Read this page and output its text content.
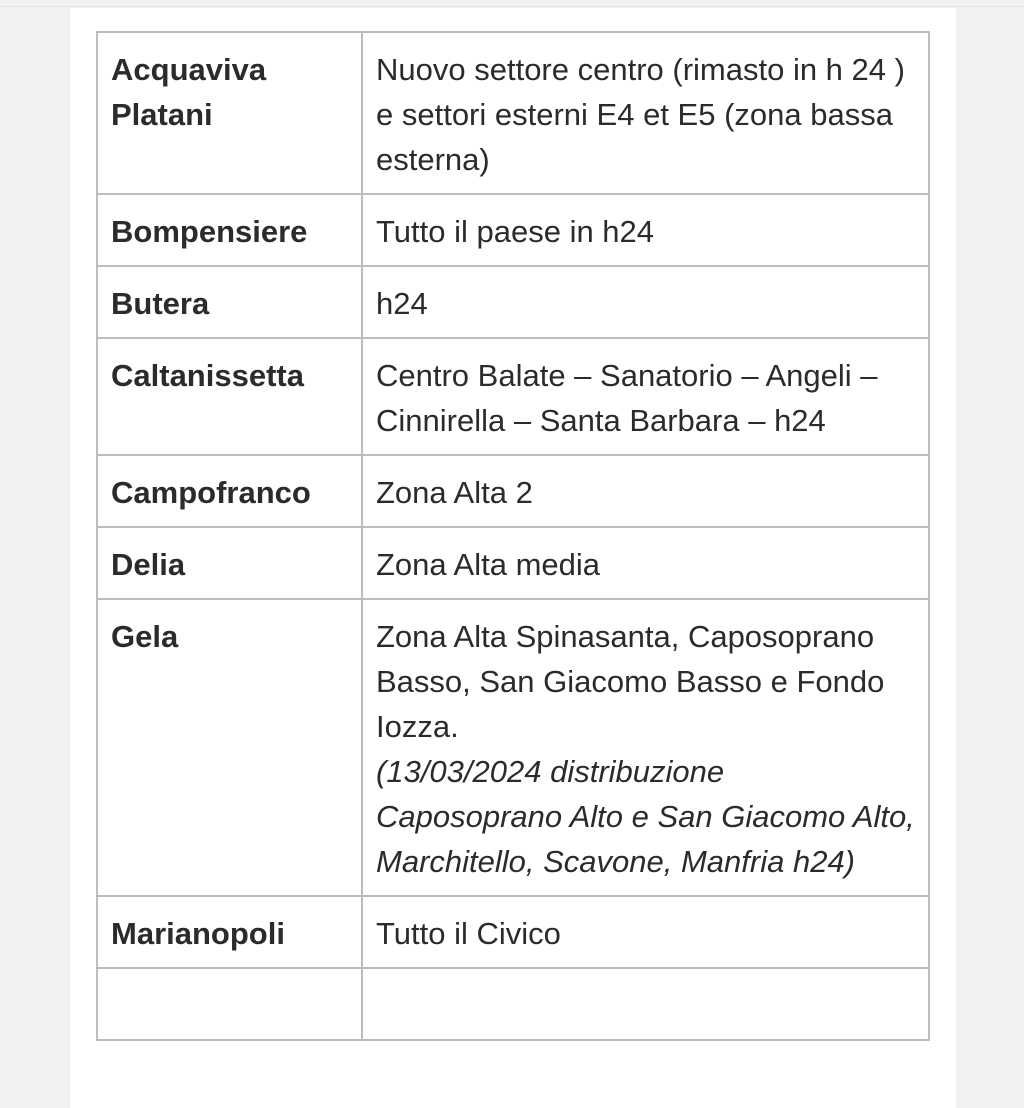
Acquaviva Platani	Nuovo settore centro (rimasto in h 24 ) e settori esterni E4 et E5 (zona bassa esterna)
Bompensiere	Tutto il paese in h24
Butera	h24
Caltanissetta	Centro Balate – Sanatorio – Angeli – Cinnirella – Santa Barbara – h24
Campofranco	Zona Alta 2
Delia	Zona Alta media
Gela	Zona Alta Spinasanta, Caposoprano Basso, San Giacomo Basso e Fondo Iozza.
(13/03/2024 distribuzione Caposoprano Alto e San Giacomo Alto, Marchitello, Scavone, Manfria h24)

Marianopoli	Tutto il Civico
